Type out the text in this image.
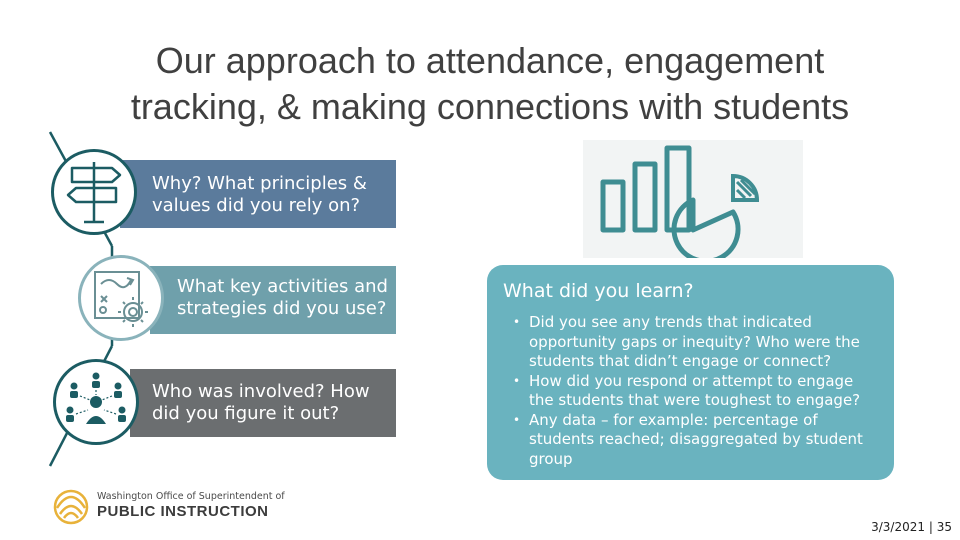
Our approach to attendance, engagement
tracking, & making connections with students
Why? What principles & values did you rely on?
What key activities and strategies did you use?
Who was involved? How did you figure it out?
What did you learn?
• Did you see any trends that indicated opportunity gaps or inequity? Who were the students that didn’t engage or connect?
• How did you respond or attempt to engage the students that were toughest to engage?
• Any data – for example: percentage of students reached; disaggregated by student group
Washington Office of Superintendent of
PUBLIC INSTRUCTION
3/3/2021 | 35
